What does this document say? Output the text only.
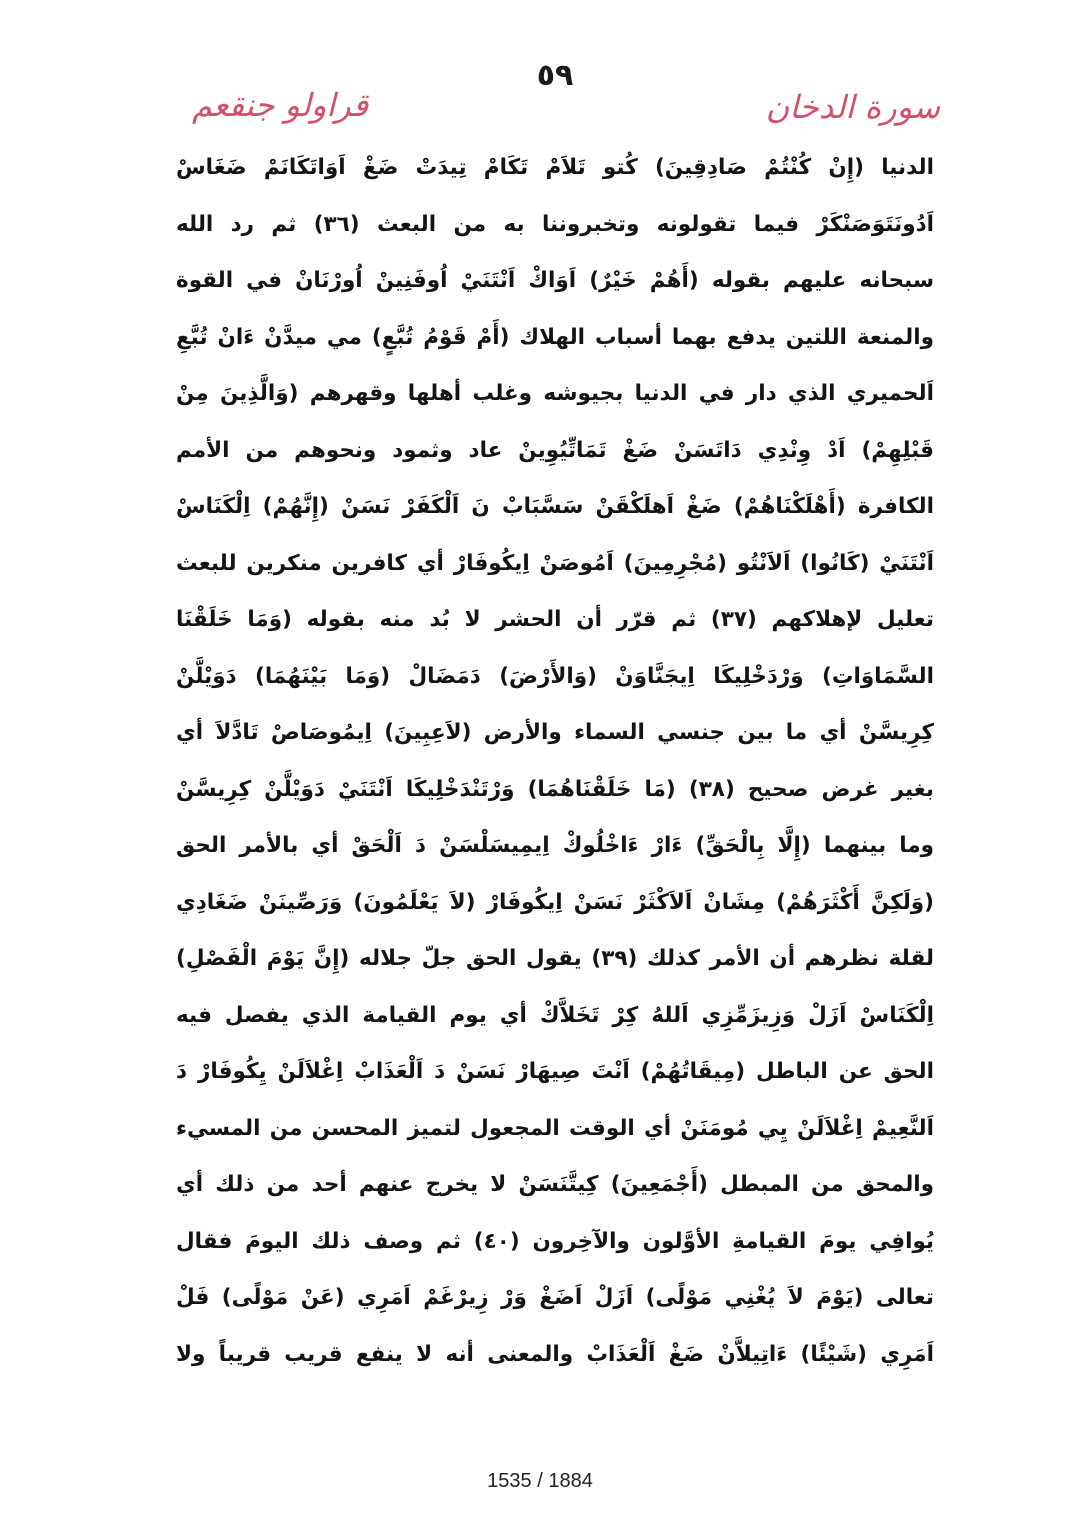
٥٩
سورة الدخان
قراولو جنقعم
الدنيا (إِنْ كُنْتُمْ صَادِقِينَ) كُتو تَلاَمْ تَكَامْ تِيدَتْ ضَغْ اَوَاتَكَانَمْ ضَغَاسْ
اَدُونَتَوَصَنْكَرْ فيما تقولونه وتخبروننا به من البعث (٣٦) ثم رد الله
سبحانه عليهم بقوله (أَهُمْ خَيْرٌ) اَوَاكْ اَنْتَنَيْ اُوفَنِينْ اُورْنَانْ في القوة
والمنعة اللتين يدفع بهما أسباب الهلاك (أَمْ قَوْمُ تُبَّعٍ) مي ميدَّنْ ءَانْ تُبَّعِ
اَلحميري الذي دار في الدنيا بجيوشه وغلب أهلها وقهرهم (وَالَّذِينَ مِنْ
قَبْلِهِمْ) اَدْ وِنْدِي دَاتَسَنْ ضَغْ تَمَاتِّيُوِينْ عاد وثمود ونحوهم من الأمم
الكافرة (أَهْلَكْنَاهُمْ) ضَغْ اَهلَكْقَنْ سَسَّبَابْ نَ اَلْكَفَرْ نَسَنْ (إِنَّهُمْ) اِلْكَنَاسْ
اَنْتَنَيْ (كَانُوا) اَلاَنْتُو (مُجْرِمِينَ) اَمُوصَنْ اِيكُوفَارْ أي كافرين منكرين للبعث
تعليل لإهلاكهم (٣٧) ثم قرّر أن الحشر لا بُد منه بقوله (وَمَا خَلَقْنَا
السَّمَاوَاتِ) وَرْدَخْلِيكَا اِيجَنَّاوَنْ (وَالأَرْضَ) دَمَضَالْ (وَمَا بَيْنَهُمَا) دَوَيْلَّنْ
كِرِيسَّنْ أي ما بين جنسي السماء والأرض (لاَعِبِينَ) اِيمُوصَاصْ تَادَّلاَ أي
بغير غرض صحيح (٣٨) (مَا خَلَقْنَاهُمَا) وَرْتَنْدَخْلِيكَا اَنْتَنَيْ دَوَيْلَّنْ كِرِيسَّنْ
وما بينهما (إِلَّا بِالْحَقِّ) ءَارْ ءَاخْلُوكْ اِيمِيسَلْسَنْ دَ اَلْحَقْ أي بالأمر الحق
(وَلَكِنَّ أَكْثَرَهُمْ) مِشَانْ اَلاَكْثَرْ نَسَنْ اِيكُوفَارْ (لاَ يَعْلَمُونَ) وَرَصِّينَنْ ضَغَادِي
لقلة نظرهم أن الأمر كذلك (٣٩) يقول الحق جلّ جلاله (إِنَّ يَوْمَ الْفَصْلِ)
اِلْكَنَاسْ اَزَلْ وَزِيزَمِّزِي اَللهُ كِرْ تَخَلاَّكْ أي يوم القيامة الذي يفصل فيه
الحق عن الباطل (مِيقَاتُهُمْ) اَنْتَ صِيهَارْ نَسَنْ دَ اَلْعَذَابْ اِغْلاَلَنْ يِكُوفَارْ دَ
اَلنَّعِيمْ اِغْلاَلَنْ يِي مُومَنَنْ أي الوقت المجعول لتميز المحسن من المسيء
والمحق من المبطل (أَجْمَعِينَ) كِيتَّنَسَنْ لا يخرج عنهم أحد من ذلك أي
يُوافِي يومَ القيامةِ الأوَّلون والآخِرون (٤٠) ثم وصف ذلك اليومَ فقال
تعالى (يَوْمَ لاَ يُغْنِي مَوْلًى) اَزَلْ اَضَغْ وَرْ زِيرْغَمْ اَمَرِي (عَنْ مَوْلًى) فَلْ
اَمَرِي (شَيْئًا) ءَاتِيلاَّنْ ضَغْ اَلْعَذَابْ والمعنى أنه لا ينفع قريب قريباً ولا
1535 / 1884
